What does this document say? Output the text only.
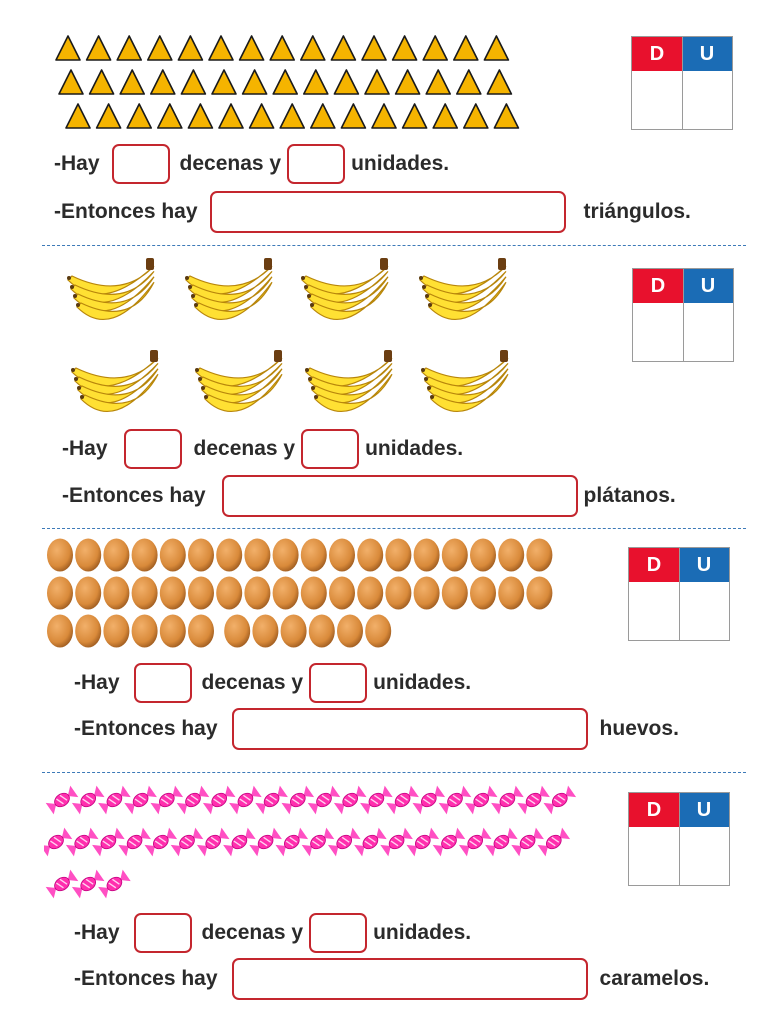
D	U
-Hay	decenas y	unidades.
-Entonces hay	triángulos.
D	U
-Hay	decenas y	unidades.
-Entonces hay	plátanos.
D	U
-Hay	decenas y	unidades.
-Entonces hay	huevos.
D	U
-Hay	decenas y	unidades.
-Entonces hay	caramelos.
